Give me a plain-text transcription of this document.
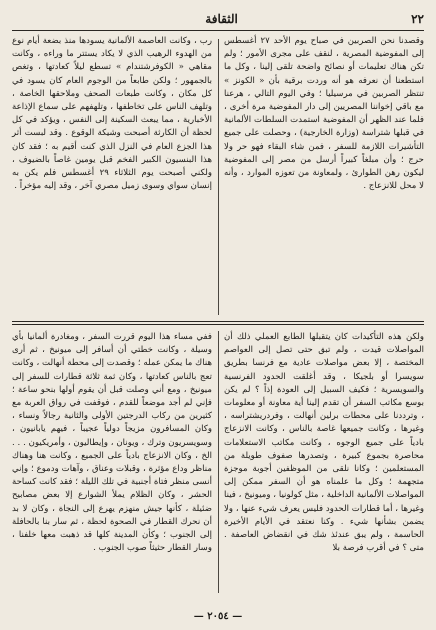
الثقافة	٢٢

وقصدنا نحن الصربين في صباح يوم الأحد ٢٧ أغسطس إلى المفوضية المصرية ، لنقف على مجرى الأمور ؛ ولم تكن هناك تعليمات أو نصائح واضحة تلقى إلينا ، وكل ما استطعنا أن نعرفه هو أنه وردت برقية بأن « الكونز » تنتظر الصربين في مرسيليا ؛ وفي اليوم التالي ، هرعنا مع باقي إخواننا المصريين إلى دار المفوضية مرة أخرى ، فلما عند الظهر أن المفوضية استمدت السلطات الألمانية في قبلها شتراسة (وزارة الخارجية) ، وحصلت على جميع التأشيرات اللازمة للسفر ، فمن شاء البقاء فهو حر ولا حرج ؛ وأن مبلغاً كبيراً أرسل من مصر إلى المفوضية ليكون رهن الطوارئ ، ولمعاونة من تعوزه الموارد ، وأنه لا محل للانزعاج .

رب ، وكانت العاصمة الألمانية يسودها منذ بضعة أيام نوع من الهدوء الرهيب الذي لا يكاد يستتر ما وراءه ، وكانت مقاهي « الكوفرشتندام » تسطع ليلاً كعادتها ، وتغص بالجمهور ؛ ولكن طابعاً من الوجوم العام كان يسود في كل مكان ، وكانت طبعات الصحف وملاحقها الخاصة ، وتلهف الناس على تخاطفها ، وتلهفهم على سماع الإذاعة الأخبارية ، مما يبعث السكينة إلى النفس ، ويؤكد في كل لحظة أن الكارثة أصبحت وشيكة الوقوع . وقد لبست أثر هذا الجزع العام في النزل الذي كنت أقيم به ؛ فقد كان هذا البنسيون الكبير الفخم قبل يومين غاصاً بالضيوف ، ولكني أصبحت يوم الثلاثاء ٢٩ أغسطس فلم يكن به إنسان سواي وسوى زميل مصري آخر ، وقد إليه مؤخراً .

ولكن هذه التأكيدات كان يتقبلها الطابع العملي ذلك أن المواصلات قيدت ، ولم تبق حتى تصل إلى العواصم المختصة ، إلا بعض مواصلات عادية مع فرنسا بطريق سويسرا أو بلجيكا ، وقد أغلقت الحدود الفرنسية والسويسرية ؛ فكيف السبيل إلى العودة إذاً ؟ لم يكن بوسع مكاتب السفر أن تقدم إلينا أية معاونة أو معلومات ، وترددنا على محطات برلين أنهالت ، وفردريشتراسه ، وغيرها ، وكانت جميعها غاصة بالناس ، وكانت الانزعاج بادياً على جميع الوجوه ، وكانت مكاتب الاستعلامات محاصرة بجموع كبيرة ، وتصدرها صفوف طويلة من المستعلمين ؛ وكانا نلقى من الموظفين أجوبة موجزة متجهمة ؛ وكل ما علمناه هو أن السفر ممكن إلى المواصلات الألمانية الداخلية ، مثل كولونيا ، وميونيخ ، فينا وغيرها ، أما قطارات الحدود فليس يعرف شيء عنها ، ولا يضمن بشأنها شيء . وكنا نعتقد في الأيام الأخيرة الحاسمة ، ولم يبق عندئذ شك في انقضاض العاصفة . متى ؟ في أقرب فرصة بلا

ففي مساء هذا اليوم قررت السفر ، ومغادرة ألمانيا بأي وسيلة ، وكانت خطتي أن أسافر إلى ميونيخ ، ثم أرى هناك ما يمكن عمله ؛ وقصدت إلى محطة أنهالت ، وكانت تعج بالناس كعادتها ، وكان ثمة ثلاثة قطارات للسفر إلى ميونيخ ، ومع أني وصلت قبل أن يقوم أولها بنحو ساعة ؛ فإني لم أجد موضعاً للقدم ، فوقفت في رواق العربة مع كثيرين من ركاب الدرجتين الأولى والثانية رجالاً ونساء ، وكان المسافرون مزيجاً دولياً عجيباً ، فيهم يابانيون ، وسويسريون وترك ، ويونان ، وإيطاليون ، وأمريكيون . . . الخ ، وكان الانزعاج بادياً على الجميع ، وكانت هنا وهناك مناظر وداع مؤثرة ، وقبلات وعناق ، وآهات ودموع ؛ وإني أنسى منظر فتاة أجنبية في تلك الليلة ؛ فقد كانت كساحة الحشر ، وكان الظلام يملأ الشوارع إلا بعض مصابيح ضئيلة ، كأنها جيش منهزم يهرع إلى النجاة ، وكان لا بد أن نحرك القطار في الصحوة لحظة ، ثم سار بنا بالحافلة إلى الجنوب ؛ وكأن المدينة كلها قد ذهبت معها خلفنا ، وسار القطار حثيثاً صوب الجنوب .

— ٢٠٥٤ —
